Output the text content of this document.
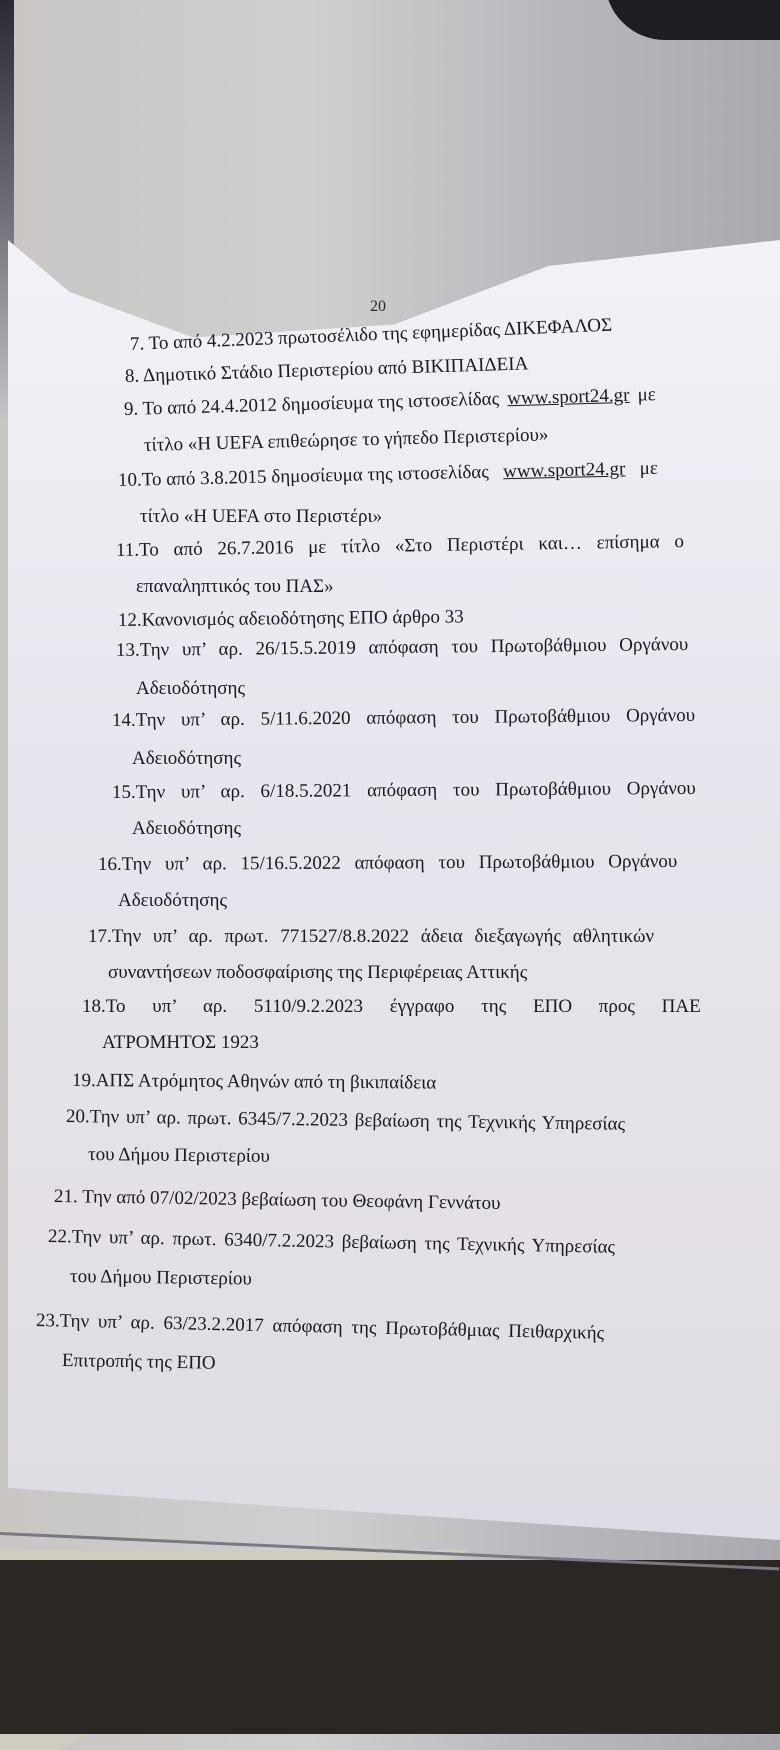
20
7. Το από 4.2.2023 πρωτοσέλιδο της εφημερίδας ΔΙΚΕΦΑΛΟΣ
8. Δημοτικό Στάδιο Περιστερίου από ΒΙΚΙΠΑΙΔΕΙΑ
9. Το από 24.4.2012 δημοσίευμα της ιστοσελίδας www.sport24.gr με
τίτλο «Η UEFA επιθεώρησε το γήπεδο Περιστερίου»
10.Το από 3.8.2015 δημοσίευμα της ιστοσελίδας www.sport24.gr με
τίτλο «Η UEFA στο Περιστέρι»
11.Το από 26.7.2016 με τίτλο «Στο Περιστέρι και… επίσημα ο
επαναληπτικός του ΠΑΣ»
12.Κανονισμός αδειοδότησης ΕΠΟ άρθρο 33
13.Την υπ’ αρ. 26/15.5.2019 απόφαση του Πρωτοβάθμιου Οργάνου
Αδειοδότησης
14.Την υπ’ αρ. 5/11.6.2020 απόφαση του Πρωτοβάθμιου Οργάνου
Αδειοδότησης
15.Την υπ’ αρ. 6/18.5.2021 απόφαση του Πρωτοβάθμιου Οργάνου
Αδειοδότησης
16.Την υπ’ αρ. 15/16.5.2022 απόφαση του Πρωτοβάθμιου Οργάνου
Αδειοδότησης
17.Την υπ’ αρ. πρωτ. 771527/8.8.2022 άδεια διεξαγωγής αθλητικών
συναντήσεων ποδοσφαίρισης της Περιφέρειας Αττικής
18.Το υπ’ αρ. 5110/9.2.2023 έγγραφο της ΕΠΟ προς ΠΑΕ
ΑΤΡΟΜΗΤΟΣ 1923
19.ΑΠΣ Ατρόμητος Αθηνών από τη βικιπαίδεια
20.Την υπ’ αρ. πρωτ. 6345/7.2.2023 βεβαίωση της Τεχνικής Υπηρεσίας
του Δήμου Περιστερίου
21. Την από 07/02/2023 βεβαίωση του Θεοφάνη Γεννάτου
22.Την υπ’ αρ. πρωτ. 6340/7.2.2023 βεβαίωση της Τεχνικής Υπηρεσίας
του Δήμου Περιστερίου
23.Την υπ’ αρ. 63/23.2.2017 απόφαση της Πρωτοβάθμιας Πειθαρχικής
Επιτροπής της ΕΠΟ
